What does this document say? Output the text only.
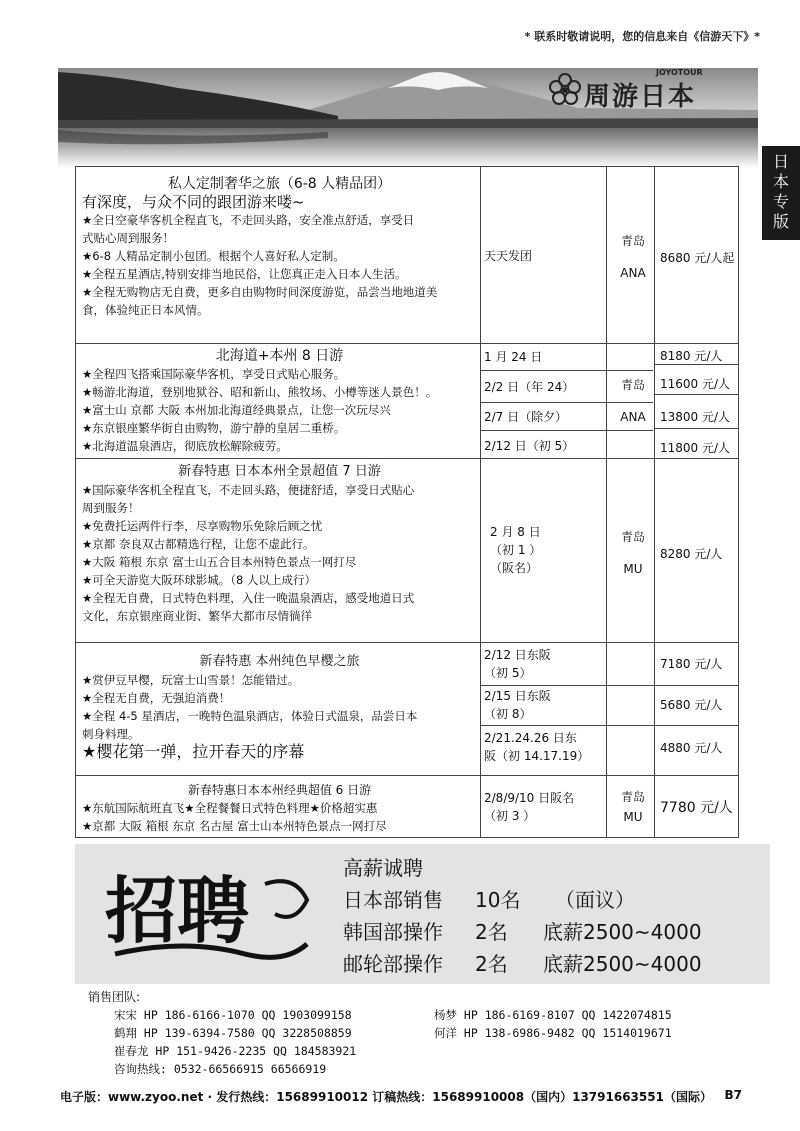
* 联系时敬请说明，您的信息来自《信游天下》*
周游日本
JOYOTOUR
日
本
专
版
私人定制奢华之旅（6-8 人精品团）
有深度，与众不同的跟团游来喽~
★全日空豪华客机全程直飞，不走回头路，安全准点舒适，享受日
式贴心周到服务！
★6-8 人精品定制小包团。根据个人喜好私人定制。
★全程五星酒店,特别安排当地民俗，让您真正走入日本人生活。
★全程无购物店无自费，更多自由购物时间深度游览，品尝当地地道美
食，体验纯正日本风情。
天天发团
青岛
ANA
8680 元/人起
北海道+本州 8 日游
★全程四飞搭乘国际豪华客机，享受日式贴心服务。
★畅游北海道，登别地狱谷、昭和新山、熊牧场、小樽等迷人景色！。
★富士山 京都 大阪 本州加北海道经典景点，让您一次玩尽兴
★东京银座繁华街自由购物，游宁静的皇居二重桥。
★北海道温泉酒店，彻底放松解除疲劳。
1 月 24 日
2/2 日（年 24）
2/7 日（除夕）
2/12 日（初 5）
青岛
ANA
8180 元/人
11600 元/人
13800 元/人
11800 元/人
新春特惠 日本本州全景超值 7 日游
★国际豪华客机全程直飞，不走回头路，便捷舒适，享受日式贴心
周到服务！
★免费托运两件行李，尽享购物乐免除后顾之忧
★京都 奈良双古都精选行程，让您不虚此行。
★大阪 箱根 东京 富士山五合目本州特色景点一网打尽
★可全天游览大阪环球影城。（8 人以上成行）
★全程无自费，日式特色料理，入住一晚温泉酒店，感受地道日式
文化，东京银座商业街、繁华大都市尽情徜徉
2 月 8 日
（初 1 ）
（阪名）
青岛
MU
8280 元/人
新春特惠 本州纯色早樱之旅
★赏伊豆早樱，玩富士山雪景！怎能错过。
★全程无自费，无强迫消费！
★全程 4-5 星酒店，一晚特色温泉酒店，体验日式温泉，品尝日本
刺身料理。
★樱花第一弹，拉开春天的序幕
2/12 日东阪
（初 5）
2/15 日东阪
（初 8）
2/21.24.26 日东
阪（初 14.17.19）
7180 元/人
5680 元/人
4880 元/人
新春特惠日本本州经典超值 6 日游
★东航国际航班直飞★全程餐餐日式特色料理★价格超实惠
★京都 大阪 箱根 东京 名古屋 富士山本州特色景点一网打尽
2/8/9/10 日阪名
（初 3 ）
青岛
MU
7780 元/人
招聘	高薪诚聘
日本部销售 10名 （面议）
韩国部操作 2名 底薪2500~4000
邮轮部操作 2名 底薪2500~4000
销售团队:
宋宋 HP 186-6166-1070 QQ 1903099158
鹤翔 HP 139-6394-7580 QQ 3228508859
崔春龙 HP 151-9426-2235 QQ 184583921
咨询热线: 0532-66566915 66566919
杨梦 HP 186-6169-8107 QQ 1422074815
何洋 HP 138-6986-9482 QQ 1514019671
电子版：www.zyoo.net · 发行热线：15689910012 订稿热线：15689910008（国内）13791663551（国际） B7
